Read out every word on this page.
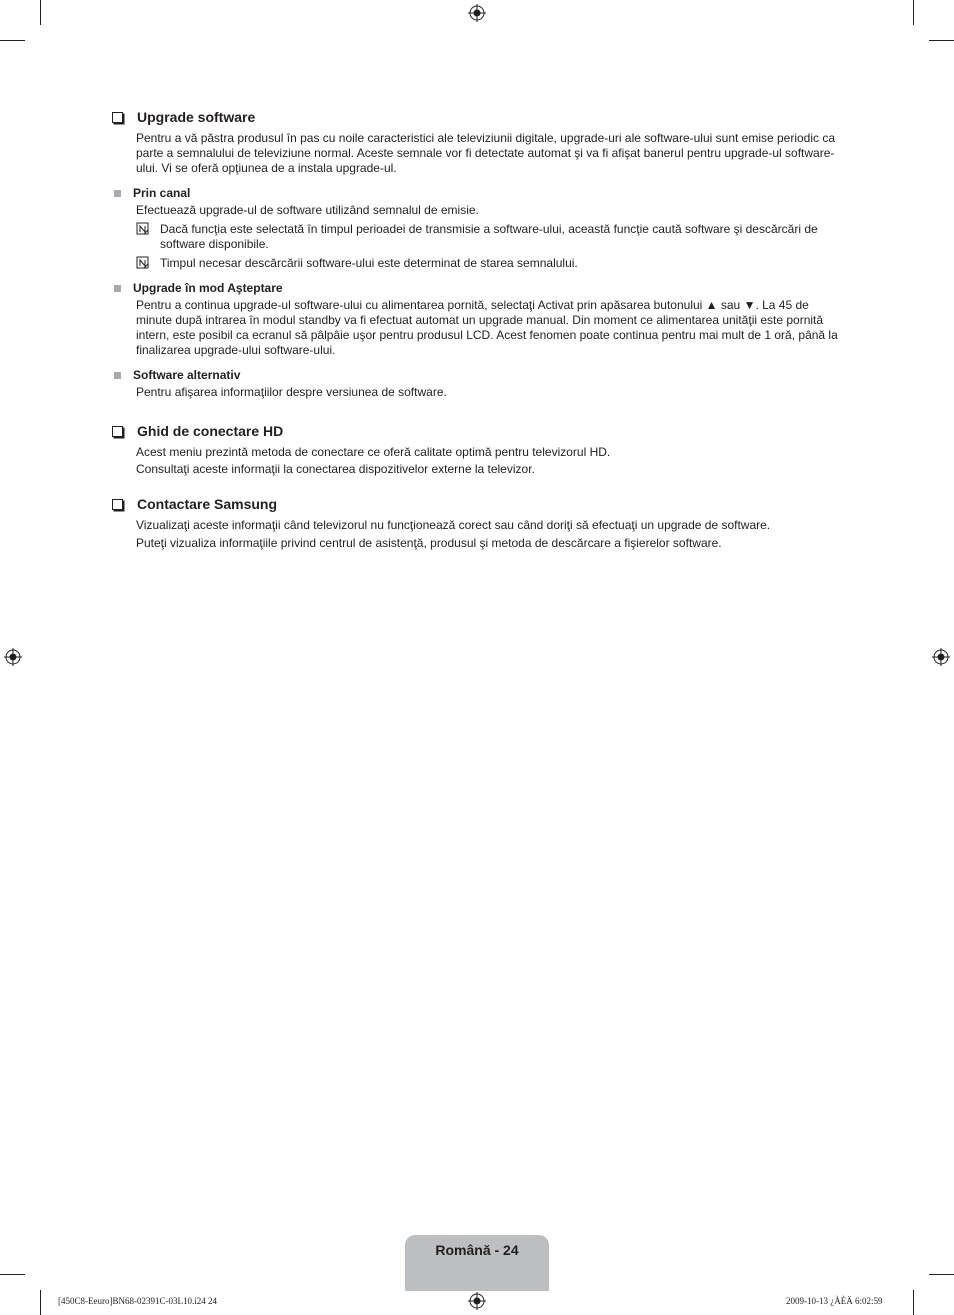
Upgrade software
Pentru a vă păstra produsul în pas cu noile caracteristici ale televiziunii digitale, upgrade-uri ale software-ului sunt emise periodic ca parte a semnalului de televiziune normal. Aceste semnale vor fi detectate automat şi va fi afişat banerul pentru upgrade-ul software-ului. Vi se oferă opţiunea de a instala upgrade-ul.
Prin canal
Efectuează upgrade-ul de software utilizând semnalul de emisie.
Dacă funcţia este selectată în timpul perioadei de transmisie a software-ului, această funcţie caută software şi descărcări de software disponibile.
Timpul necesar descărcării software-ului este determinat de starea semnalului.
Upgrade în mod Aşteptare
Pentru a continua upgrade-ul software-ului cu alimentarea pornită, selectaţi Activat prin apăsarea butonului ▲ sau ▼. La 45 de minute după intrarea în modul standby va fi efectuat automat un upgrade manual. Din moment ce alimentarea unităţii este pornită intern, este posibil ca ecranul să pâlpâie uşor pentru produsul LCD. Acest fenomen poate continua pentru mai mult de 1 oră, până la finalizarea upgrade-ului software-ului.
Software alternativ
Pentru afişarea informaţiilor despre versiunea de software.
Ghid de conectare HD
Acest meniu prezintă metoda de conectare ce oferă calitate optimă pentru televizorul HD.
Consultaţi aceste informaţii la conectarea dispozitivelor externe la televizor.
Contactare Samsung
Vizualizaţi aceste informaţii când televizorul nu funcţionează corect sau când doriţi să efectuaţi un upgrade de software.
Puteţi vizualiza informaţiile privind centrul de asistenţă, produsul şi metoda de descărcare a fişierelor software.
Română - 24
[450C8-Eeuro]BN68-02391C-03L10.i24 24	2009-10-13 ¿ÀÈÄ 6:02:59
